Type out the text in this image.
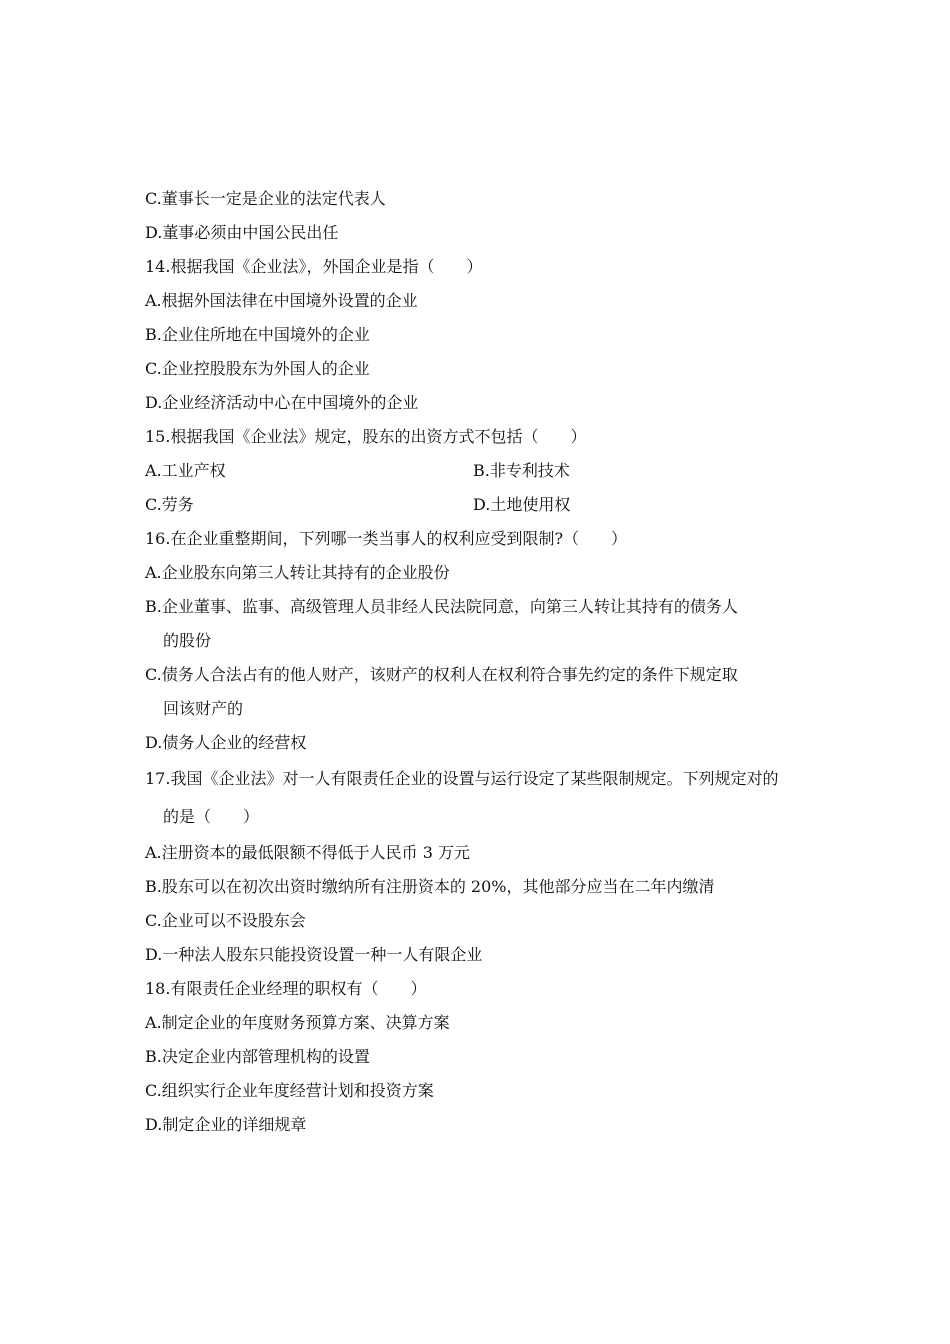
C.董事长一定是企业的法定代表人
D.董事必须由中国公民出任
14.根据我国《企业法》，外国企业是指（　　）
A.根据外国法律在中国境外设置的企业
B.企业住所地在中国境外的企业
C.企业控股股东为外国人的企业
D.企业经济活动中心在中国境外的企业
15.根据我国《企业法》规定，股东的出资方式不包括（　　）
A.工业产权	B.非专利技术
C.劳务	D.土地使用权
16.在企业重整期间，下列哪一类当事人的权利应受到限制?（　　）
A.企业股东向第三人转让其持有的企业股份
B.企业董事、监事、高级管理人员非经人民法院同意，向第三人转让其持有的债务人
的股份
C.债务人合法占有的他人财产，该财产的权利人在权利符合事先约定的条件下规定取
回该财产的
D.债务人企业的经营权
17.我国《企业法》对一人有限责任企业的设置与运行设定了某些限制规定。下列规定对的
的是（　　）
A.注册资本的最低限额不得低于人民币 3 万元
B.股东可以在初次出资时缴纳所有注册资本的 20%，其他部分应当在二年内缴清
C.企业可以不设股东会
D.一种法人股东只能投资设置一种一人有限企业
18.有限责任企业经理的职权有（　　）
A.制定企业的年度财务预算方案、决算方案
B.决定企业内部管理机构的设置
C.组织实行企业年度经营计划和投资方案
D.制定企业的详细规章
